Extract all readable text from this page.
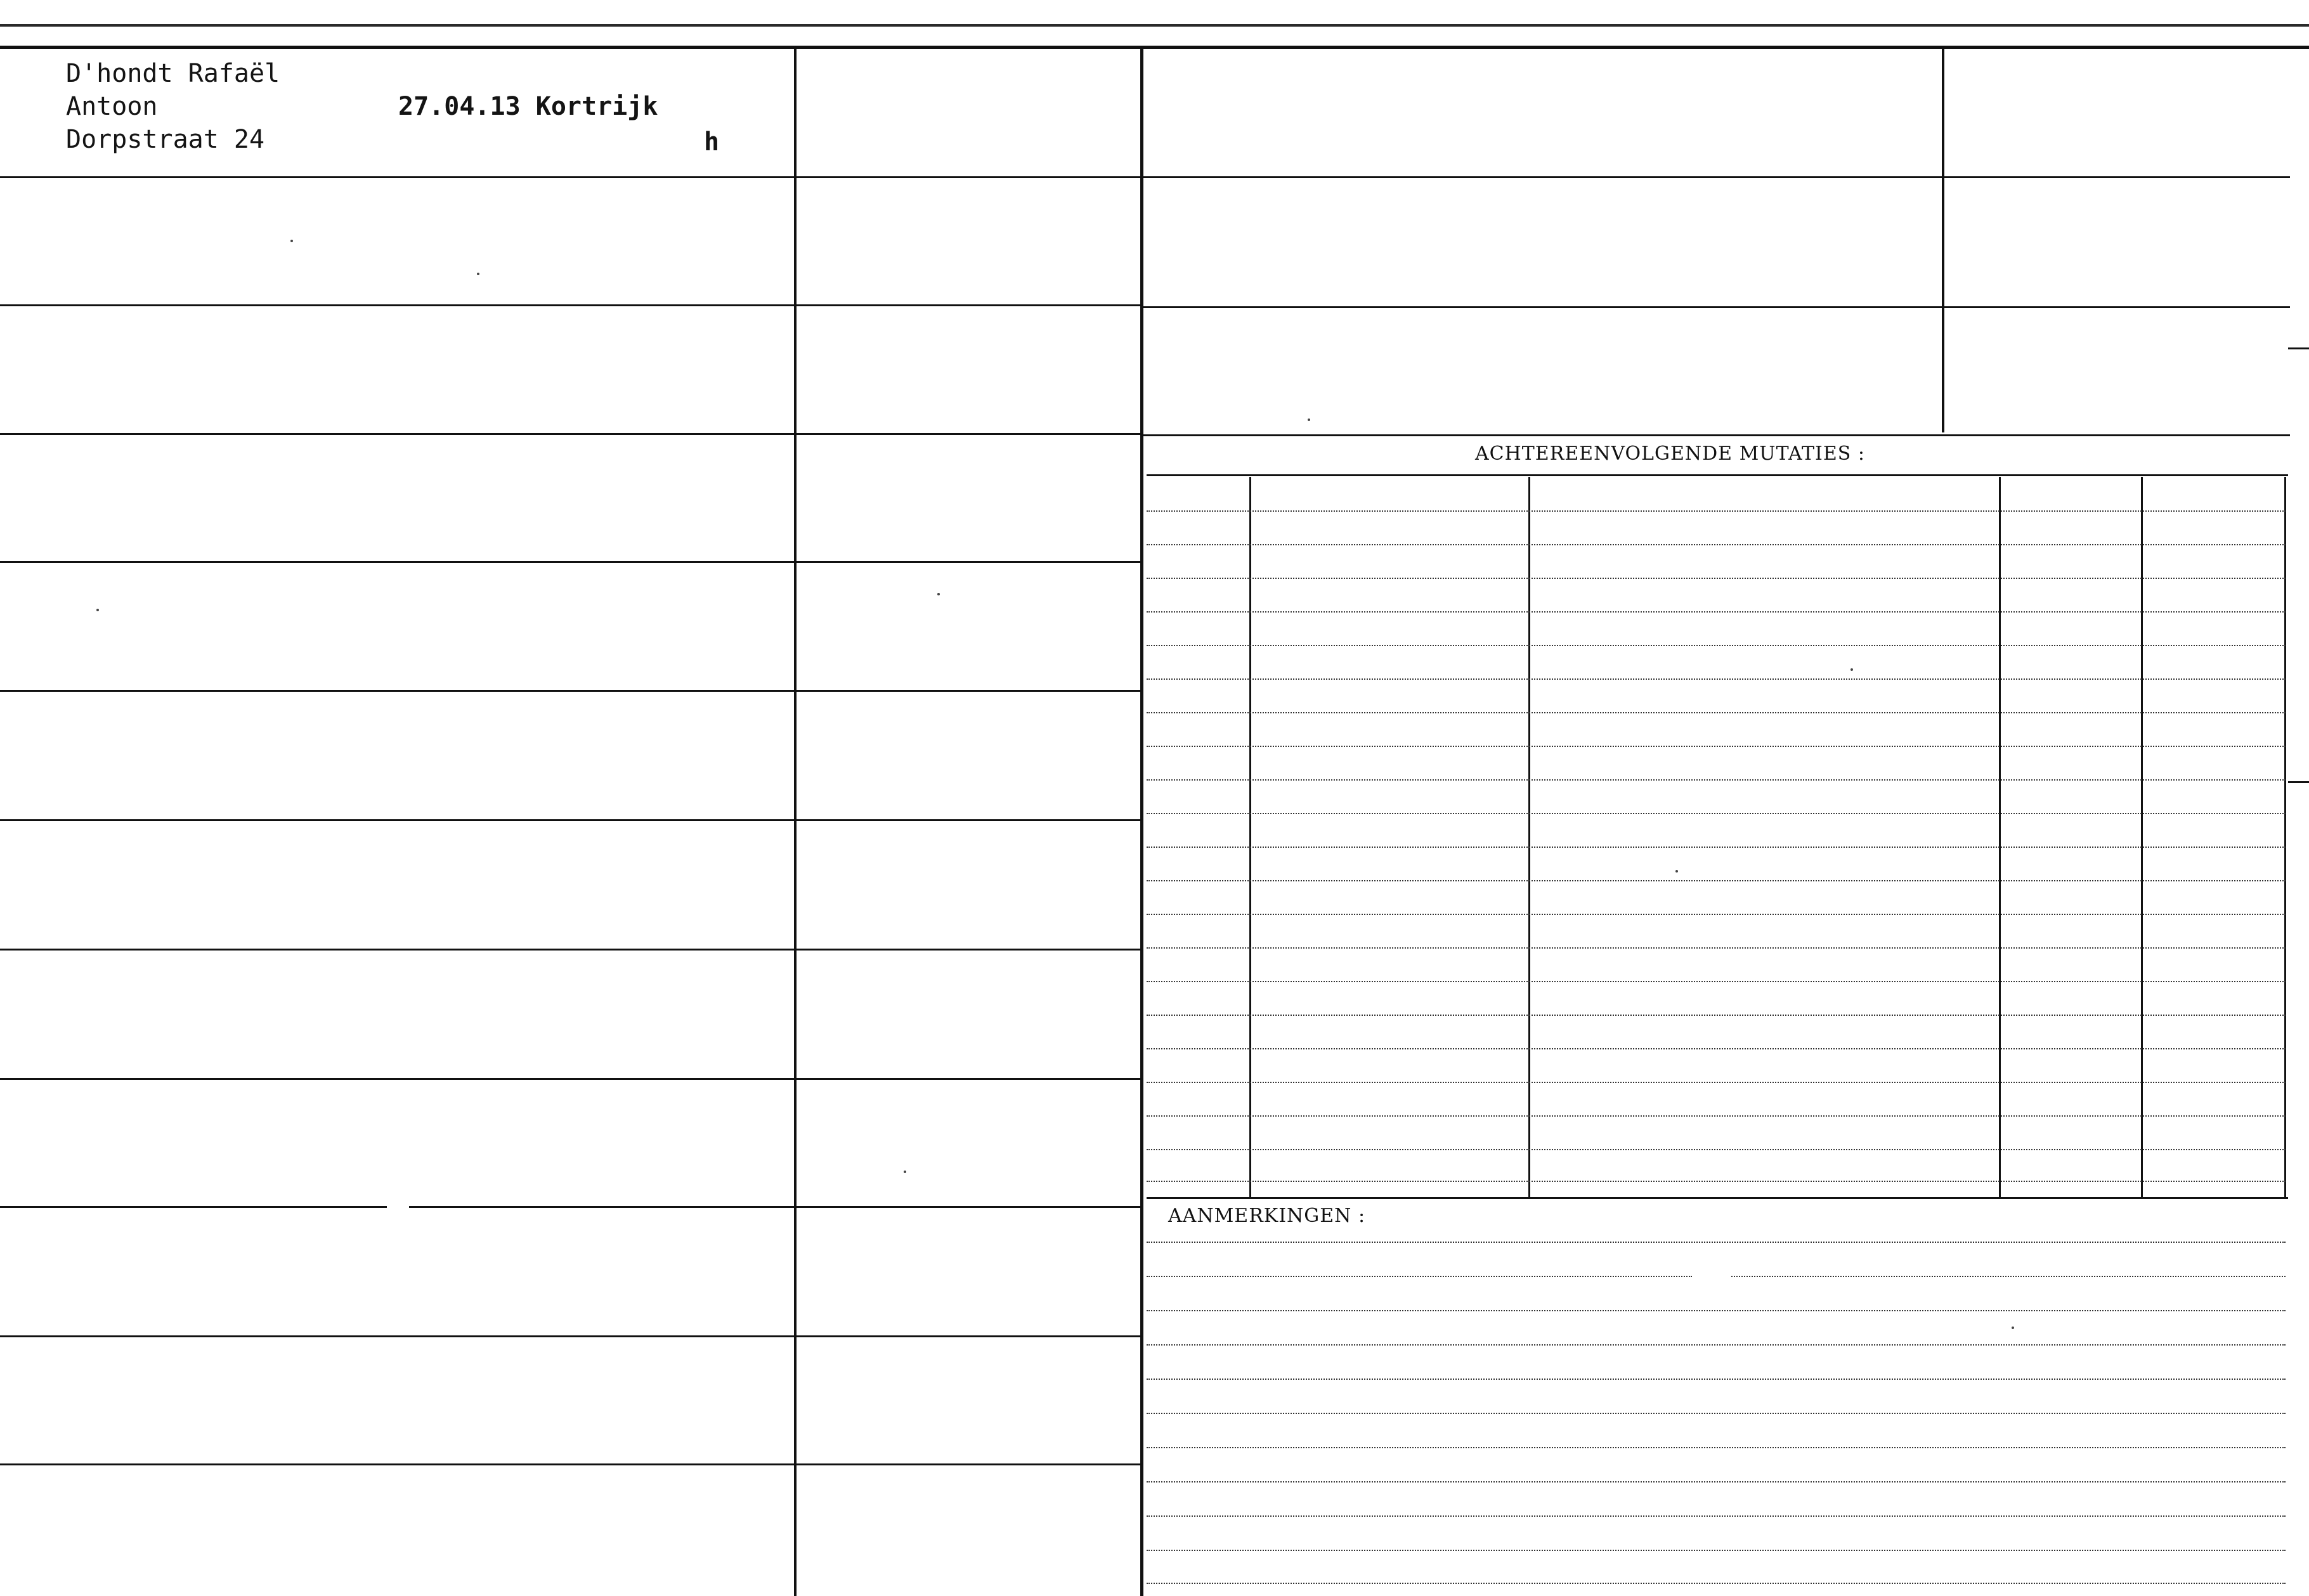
D'hondt Rafaël
Antoon
Dorpstraat 24
27.04.13 Kortrijk
h
ACHTEREENVOLGENDE MUTATIES :
AANMERKINGEN :
